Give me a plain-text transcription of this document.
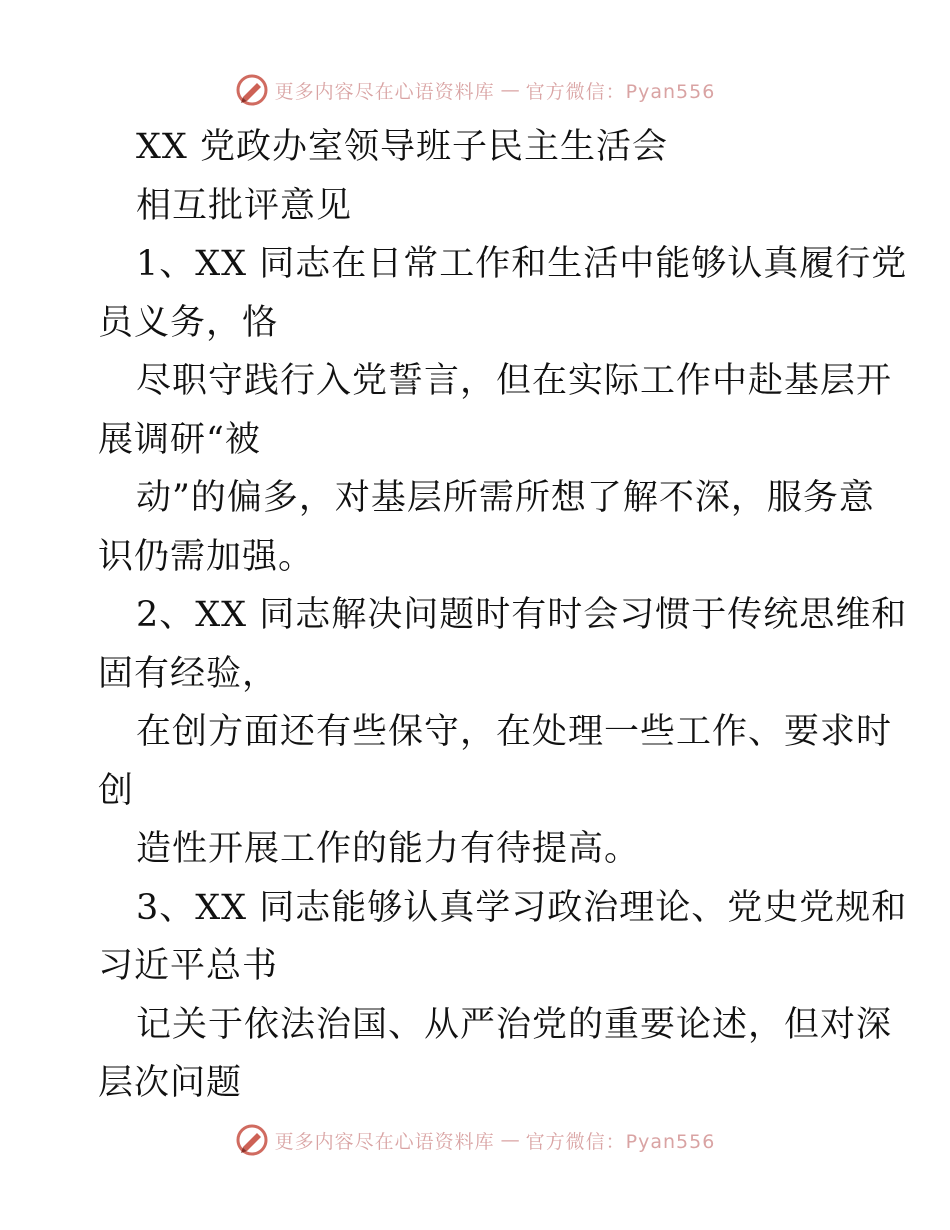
更多内容尽在心语资料库 — 官方微信：Pyan556
XX 党政办室领导班子民主生活会
相互批评意见
1、XX 同志在日常工作和生活中能够认真履行党
员义务，恪
尽职守践行入党誓言，但在实际工作中赴基层开
展调研“被
动”的偏多，对基层所需所想了解不深，服务意
识仍需加强。
2、XX 同志解决问题时有时会习惯于传统思维和
固有经验，
在创方面还有些保守，在处理一些工作、要求时
创
造性开展工作的能力有待提高。
3、XX 同志能够认真学习政治理论、党史党规和
习近平总书
记关于依法治国、从严治党的重要论述，但对深
层次问题
更多内容尽在心语资料库 — 官方微信：Pyan556
